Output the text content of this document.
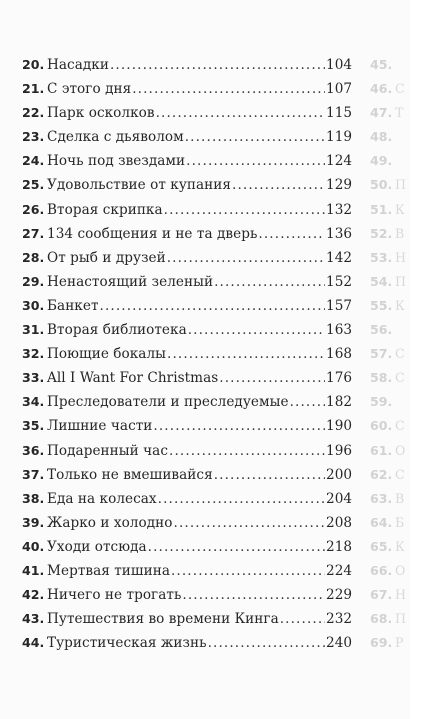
45.
46. С
47. Т
48.
49.
50. П
51. К
52. В
53. Н
54. П
55. К
56.
57. С
58. С
59.
60. С
61. О
62. С
63. В
64. Б
65. К
66. О
67. Н
68. П
69. Р
20. Насадки . . .	104
21. С этого дня . . .	107
22. Парк осколков . . .	115
23. Сделка с дьяволом . . .	119
24. Ночь под звездами . . .	124
25. Удовольствие от купания . . .	129
26. Вторая скрипка . . .	132
27. 134 сообщения и не та дверь . . .	136
28. От рыб и друзей . . .	142
29. Ненастоящий зеленый . . .	152
30. Банкет . . .	157
31. Вторая библиотека . . .	163
32. Поющие бокалы . . .	168
33. All I Want For Christmas . . .	176
34. Преследователи и преследуемые . . .	182
35. Лишние части . . .	190
36. Подаренный час . . .	196
37. Только не вмешивайся . . .	200
38. Еда на колесах . . .	204
39. Жарко и холодно . . .	208
40. Уходи отсюда . . .	218
41. Мертвая тишина . . .	224
42. Ничего не трогать . . .	229
43. Путешествия во времени Кинга . . .	232
44. Туристическая жизнь . . .	240
